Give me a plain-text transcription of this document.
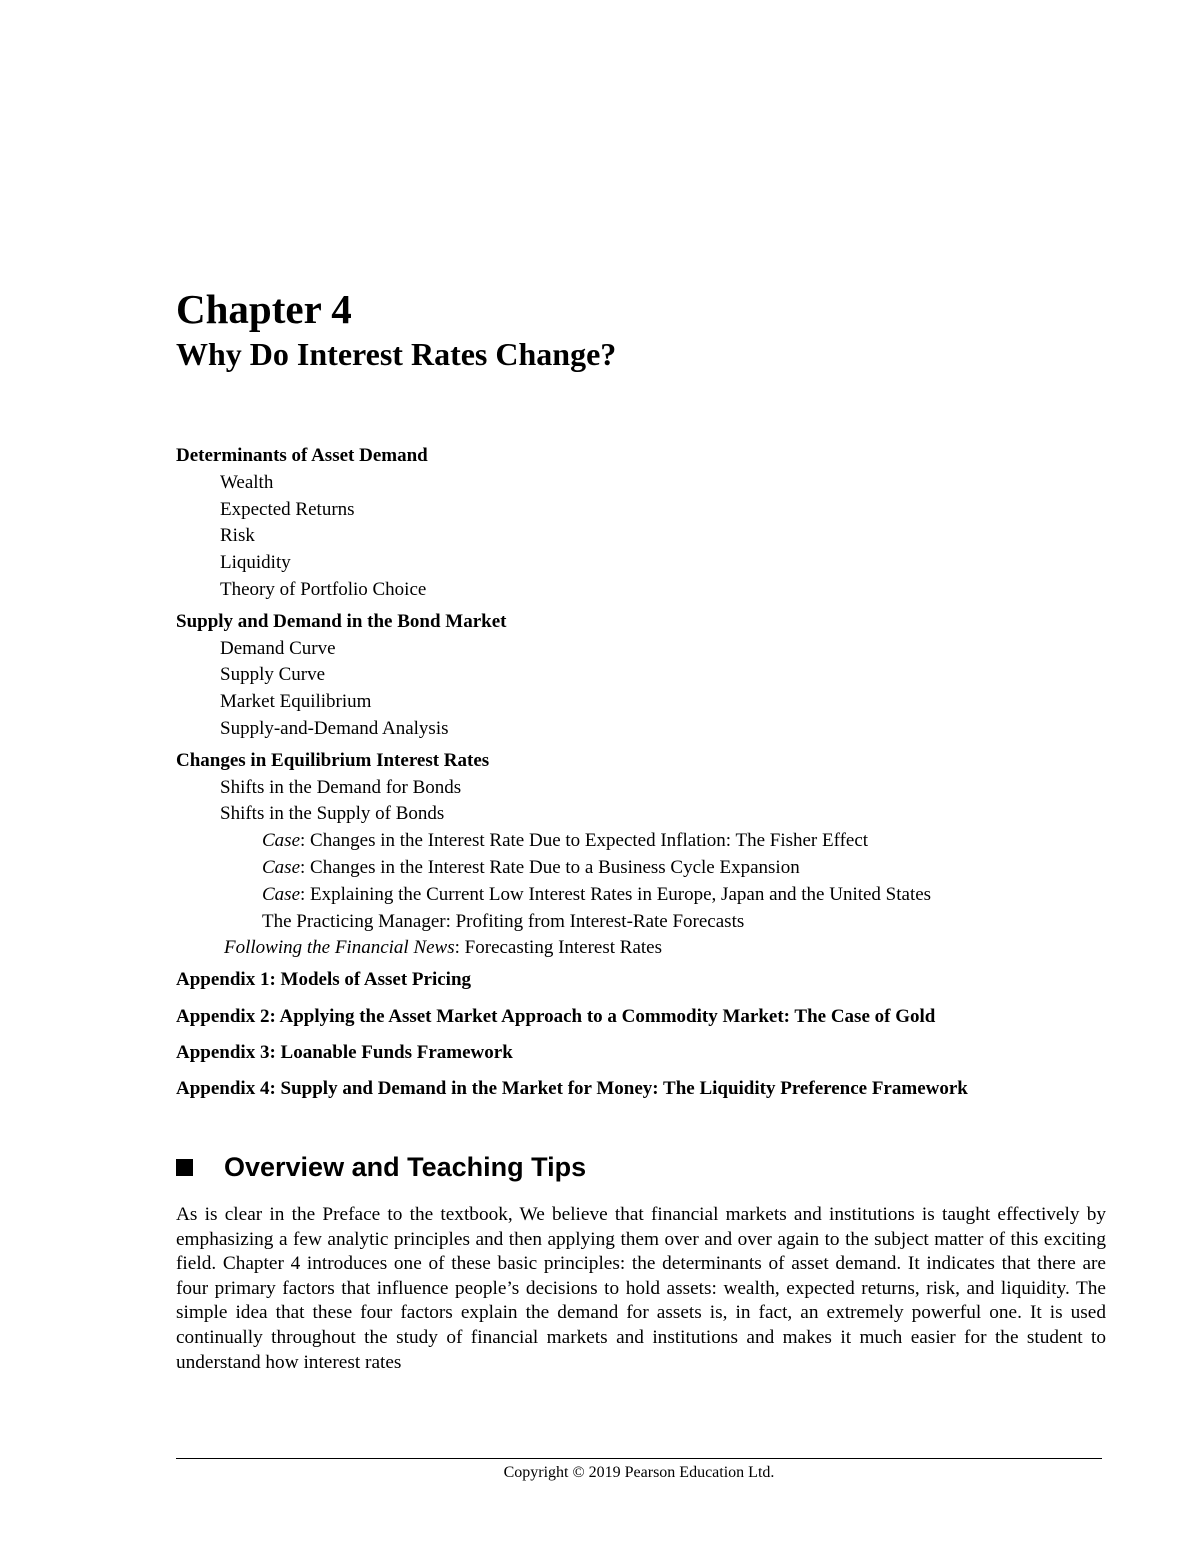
Chapter 4
Why Do Interest Rates Change?
Determinants of Asset Demand
Wealth
Expected Returns
Risk
Liquidity
Theory of Portfolio Choice
Supply and Demand in the Bond Market
Demand Curve
Supply Curve
Market Equilibrium
Supply-and-Demand Analysis
Changes in Equilibrium Interest Rates
Shifts in the Demand for Bonds
Shifts in the Supply of Bonds
Case: Changes in the Interest Rate Due to Expected Inflation: The Fisher Effect
Case: Changes in the Interest Rate Due to a Business Cycle Expansion
Case: Explaining the Current Low Interest Rates in Europe, Japan and the United States
The Practicing Manager: Profiting from Interest-Rate Forecasts
Following the Financial News: Forecasting Interest Rates
Appendix 1: Models of Asset Pricing
Appendix 2: Applying the Asset Market Approach to a Commodity Market: The Case of Gold
Appendix 3: Loanable Funds Framework
Appendix 4: Supply and Demand in the Market for Money: The Liquidity Preference Framework
Overview and Teaching Tips

As is clear in the Preface to the textbook, We believe that financial markets and institutions is taught effectively by emphasizing a few analytic principles and then applying them over and over again to the subject matter of this exciting field. Chapter 4 introduces one of these basic principles: the determinants of asset demand. It indicates that there are four primary factors that influence people’s decisions to hold assets: wealth, expected returns, risk, and liquidity. The simple idea that these four factors explain the demand for assets is, in fact, an extremely powerful one. It is used continually throughout the study of financial markets and institutions and makes it much easier for the student to understand how interest rates

Copyright © 2019 Pearson Education Ltd.
